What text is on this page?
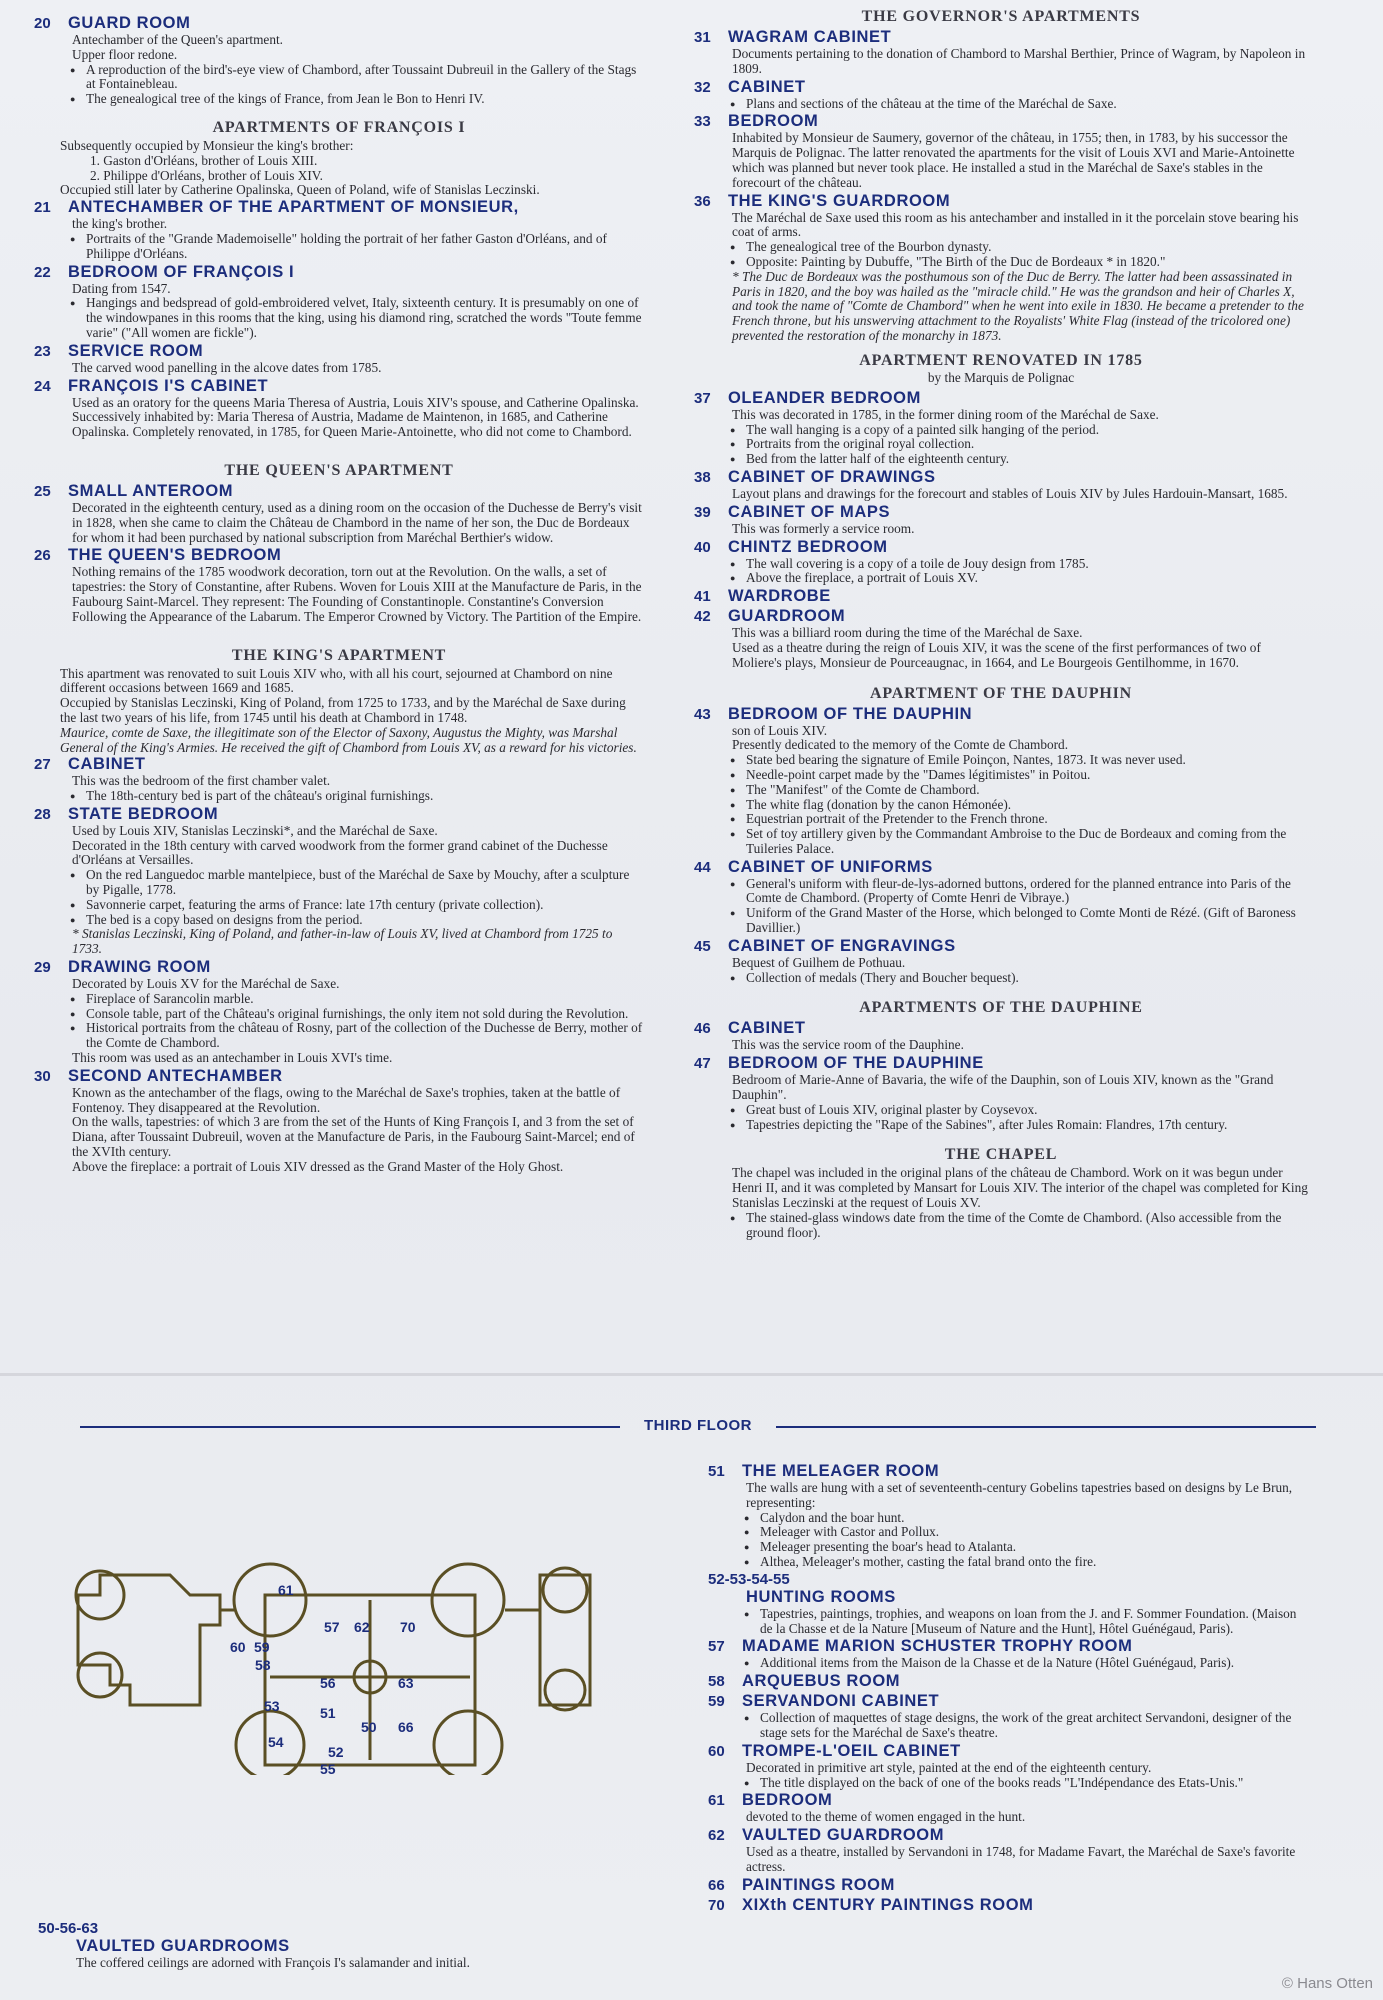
20	GUARD ROOM

Antechamber of the Queen's apartment.

Upper floor redone.

● A reproduction of the bird's-eye view of Chambord, after Toussaint Dubreuil in the Gallery of the Stags at Fontainebleau.

● The genealogical tree of the kings of France, from Jean le Bon to Henri IV.

APARTMENTS OF FRANÇOIS I

Subsequently occupied by Monsieur the king's brother:

1. Gaston d'Orléans, brother of Louis XIII.

2. Philippe d'Orléans, brother of Louis XIV.

Occupied still later by Catherine Opalinska, Queen of Poland, wife of Stanislas Leczinski.

21	ANTECHAMBER OF THE APARTMENT OF MONSIEUR,

the king's brother.

● Portraits of the "Grande Mademoiselle" holding the portrait of her father Gaston d'Orléans, and of Philippe d'Orléans.

22	BEDROOM OF FRANÇOIS I

Dating from 1547.

● Hangings and bedspread of gold-embroidered velvet, Italy, sixteenth century. It is presumably on one of the windowpanes in this rooms that the king, using his diamond ring, scratched the words "Toute femme varie" ("All women are fickle").

23	SERVICE ROOM

The carved wood panelling in the alcove dates from 1785.

24	FRANÇOIS I'S CABINET

Used as an oratory for the queens Maria Theresa of Austria, Louis XIV's spouse, and Catherine Opalinska.

Successively inhabited by: Maria Theresa of Austria, Madame de Maintenon, in 1685, and Catherine Opalinska. Completely renovated, in 1785, for Queen Marie-Antoinette, who did not come to Chambord.

THE QUEEN'S APARTMENT
25	SMALL ANTEROOM

Decorated in the eighteenth century, used as a dining room on the occasion of the Duchesse de Berry's visit in 1828, when she came to claim the Château de Chambord in the name of her son, the Duc de Bordeaux for whom it had been purchased by national subscription from Maréchal Berthier's widow.

26	THE QUEEN'S BEDROOM

Nothing remains of the 1785 woodwork decoration, torn out at the Revolution. On the walls, a set of tapestries: the Story of Constantine, after Rubens. Woven for Louis XIII at the Manufacture de Paris, in the Faubourg Saint-Marcel. They represent: The Founding of Constantinople. Constantine's Conversion Following the Appearance of the Labarum. The Emperor Crowned by Victory. The Partition of the Empire.

THE KING'S APARTMENT

This apartment was renovated to suit Louis XIV who, with all his court, sejourned at Chambord on nine different occasions between 1669 and 1685.

Occupied by Stanislas Leczinski, King of Poland, from 1725 to 1733, and by the Maréchal de Saxe during the last two years of his life, from 1745 until his death at Chambord in 1748.

Maurice, comte de Saxe, the illegitimate son of the Elector of Saxony, Augustus the Mighty, was Marshal General of the King's Armies. He received the gift of Chambord from Louis XV, as a reward for his victories.

27	CABINET

This was the bedroom of the first chamber valet.

● The 18th-century bed is part of the château's original furnishings.

28	STATE BEDROOM

Used by Louis XIV, Stanislas Leczinski*, and the Maréchal de Saxe.

Decorated in the 18th century with carved woodwork from the former grand cabinet of the Duchesse d'Orléans at Versailles.

● On the red Languedoc marble mantelpiece, bust of the Maréchal de Saxe by Mouchy, after a sculpture by Pigalle, 1778.

● Savonnerie carpet, featuring the arms of France: late 17th century (private collection).

● The bed is a copy based on designs from the period.

* Stanislas Leczinski, King of Poland, and father-in-law of Louis XV, lived at Chambord from 1725 to 1733.

29	DRAWING ROOM

Decorated by Louis XV for the Maréchal de Saxe.

● Fireplace of Sarancolin marble.

● Console table, part of the Château's original furnishings, the only item not sold during the Revolution.

● Historical portraits from the château of Rosny, part of the collection of the Duchesse de Berry, mother of the Comte de Chambord.

This room was used as an antechamber in Louis XVI's time.

30	SECOND ANTECHAMBER

Known as the antechamber of the flags, owing to the Maréchal de Saxe's trophies, taken at the battle of Fontenoy. They disappeared at the Revolution.

On the walls, tapestries: of which 3 are from the set of the Hunts of King François I, and 3 from the set of Diana, after Toussaint Dubreuil, woven at the Manufacture de Paris, in the Faubourg Saint-Marcel; end of the XVIth century.

Above the fireplace: a portrait of Louis XIV dressed as the Grand Master of the Holy Ghost.

THE GOVERNOR'S APARTMENTS
31	WAGRAM CABINET

Documents pertaining to the donation of Chambord to Marshal Berthier, Prince of Wagram, by Napoleon in 1809.

32	CABINET

● Plans and sections of the château at the time of the Maréchal de Saxe.

33	BEDROOM

Inhabited by Monsieur de Saumery, governor of the château, in 1755; then, in 1783, by his successor the Marquis de Polignac. The latter renovated the apartments for the visit of Louis XVI and Marie-Antoinette which was planned but never took place. He installed a stud in the Maréchal de Saxe's stables in the forecourt of the château.

36	THE KING'S GUARDROOM

The Maréchal de Saxe used this room as his antechamber and installed in it the porcelain stove bearing his coat of arms.

● The genealogical tree of the Bourbon dynasty.

● Opposite: Painting by Dubuffe, "The Birth of the Duc de Bordeaux * in 1820."

* The Duc de Bordeaux was the posthumous son of the Duc de Berry. The latter had been assassinated in Paris in 1820, and the boy was hailed as the "miracle child." He was the grandson and heir of Charles X, and took the name of "Comte de Chambord" when he went into exile in 1830. He became a pretender to the French throne, but his unswerving attachment to the Royalists' White Flag (instead of the tricolored one) prevented the restoration of the monarchy in 1873.

APARTMENT RENOVATED IN 1785
by the Marquis de Polignac
37	OLEANDER BEDROOM

This was decorated in 1785, in the former dining room of the Maréchal de Saxe.

● The wall hanging is a copy of a painted silk hanging of the period.

● Portraits from the original royal collection.

● Bed from the latter half of the eighteenth century.

38	CABINET OF DRAWINGS

Layout plans and drawings for the forecourt and stables of Louis XIV by Jules Hardouin-Mansart, 1685.

39	CABINET OF MAPS

This was formerly a service room.

40	CHINTZ BEDROOM

● The wall covering is a copy of a toile de Jouy design from 1785.

● Above the fireplace, a portrait of Louis XV.

41	WARDROBE
42	GUARDROOM

This was a billiard room during the time of the Maréchal de Saxe.

Used as a theatre during the reign of Louis XIV, it was the scene of the first performances of two of Moliere's plays, Monsieur de Pourceaugnac, in 1664, and Le Bourgeois Gentilhomme, in 1670.

APARTMENT OF THE DAUPHIN
43	BEDROOM OF THE DAUPHIN

son of Louis XIV.

Presently dedicated to the memory of the Comte de Chambord.

● State bed bearing the signature of Emile Poinçon, Nantes, 1873. It was never used.

● Needle-point carpet made by the "Dames légitimistes" in Poitou.

● The "Manifest" of the Comte de Chambord.

● The white flag (donation by the canon Hémonée).

● Equestrian portrait of the Pretender to the French throne.

● Set of toy artillery given by the Commandant Ambroise to the Duc de Bordeaux and coming from the Tuileries Palace.

44	CABINET OF UNIFORMS

● General's uniform with fleur-de-lys-adorned buttons, ordered for the planned entrance into Paris of the Comte de Chambord. (Property of Comte Henri de Vibraye.)

● Uniform of the Grand Master of the Horse, which belonged to Comte Monti de Rézé. (Gift of Baroness Davillier.)

45	CABINET OF ENGRAVINGS

Bequest of Guilhem de Pothuau.

● Collection of medals (Thery and Boucher bequest).

APARTMENTS OF THE DAUPHINE
46	CABINET

This was the service room of the Dauphine.

47	BEDROOM OF THE DAUPHINE

Bedroom of Marie-Anne of Bavaria, the wife of the Dauphin, son of Louis XIV, known as the "Grand Dauphin".

● Great bust of Louis XIV, original plaster by Coysevox.

● Tapestries depicting the "Rape of the Sabines", after Jules Romain: Flandres, 17th century.

THE CHAPEL

The chapel was included in the original plans of the château de Chambord. Work on it was begun under Henri II, and it was completed by Mansart for Louis XIV. The interior of the chapel was completed for King Stanislas Leczinski at the request of Louis XV.

● The stained-glass windows date from the time of the Comte de Chambord. (Also accessible from the ground floor).

THIRD FLOOR
61
57 62 70
60 59
58
56	63
53	51
50 66
54
52
55
51	THE MELEAGER ROOM

The walls are hung with a set of seventeenth-century Gobelins tapestries based on designs by Le Brun, representing:

● Calydon and the boar hunt.

● Meleager with Castor and Pollux.

● Meleager presenting the boar's head to Atalanta.

● Althea, Meleager's mother, casting the fatal brand onto the fire.

52-53-54-55
HUNTING ROOMS

● Tapestries, paintings, trophies, and weapons on loan from the J. and F. Sommer Foundation. (Maison de la Chasse et de la Nature [Museum of Nature and the Hunt], Hôtel Guénégaud, Paris).

57	MADAME MARION SCHUSTER TROPHY ROOM

● Additional items from the Maison de la Chasse et de la Nature (Hôtel Guénégaud, Paris).

58	ARQUEBUS ROOM
59	SERVANDONI CABINET

● Collection of maquettes of stage designs, the work of the great architect Servandoni, designer of the stage sets for the Maréchal de Saxe's theatre.

60	TROMPE-L'OEIL CABINET

Decorated in primitive art style, painted at the end of the eighteenth century.

● The title displayed on the back of one of the books reads "L'Indépendance des Etats-Unis."

61	BEDROOM

devoted to the theme of women engaged in the hunt.

62	VAULTED GUARDROOM

Used as a theatre, installed by Servandoni in 1748, for Madame Favart, the Maréchal de Saxe's favorite actress.

66	PAINTINGS ROOM
70	XIXth CENTURY PAINTINGS ROOM
50-56-63
VAULTED GUARDROOMS

The coffered ceilings are adorned with François I's salamander and initial.

© Hans Otten
